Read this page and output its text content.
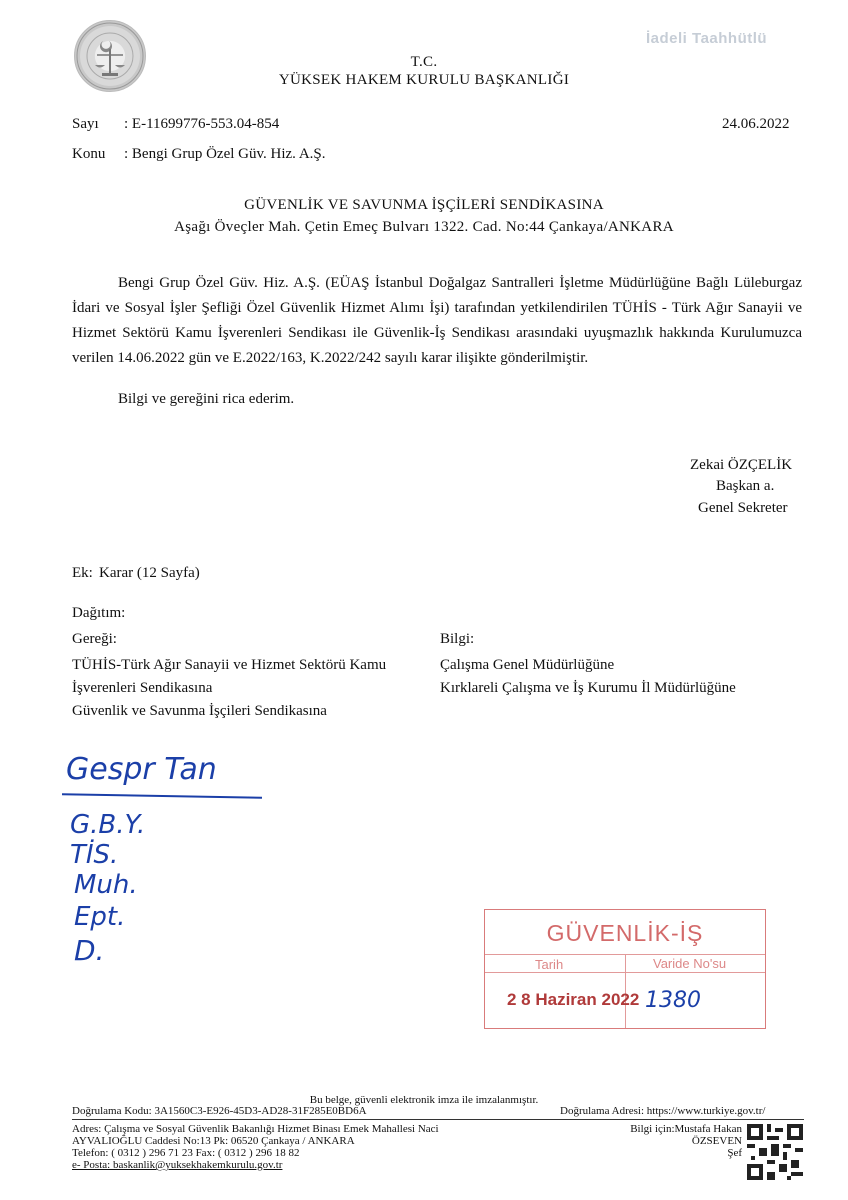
İadeli Taahhütlü
T.C.
YÜKSEK HAKEM KURULU BAŞKANLIĞI
Sayı : E-11699776-553.04-854	24.06.2022
Konu : Bengi Grup Özel Güv. Hiz. A.Ş.
GÜVENLİK VE SAVUNMA İŞÇİLERİ SENDİKASINA
Aşağı Öveçler Mah. Çetin Emeç Bulvarı 1322. Cad. No:44 Çankaya/ANKARA
Bengi Grup Özel Güv. Hiz. A.Ş. (EÜAŞ İstanbul Doğalgaz Santralleri İşletme Müdürlüğüne Bağlı Lüleburgaz İdari ve Sosyal İşler Şefliği Özel Güvenlik Hizmet Alımı İşi) tarafından yetkilendirilen TÜHİS - Türk Ağır Sanayii ve Hizmet Sektörü Kamu İşverenleri Sendikası ile Güvenlik-İş Sendikası arasındaki uyuşmazlık hakkında Kurulumuzca verilen 14.06.2022 gün ve E.2022/163, K.2022/242 sayılı karar ilişikte gönderilmiştir.
Bilgi ve gereğini rica ederim.
Zekai ÖZÇELİK
Başkan a.
Genel Sekreter
Ek: Karar (12 Sayfa)
Dağıtım:
Gereği:	Bilgi:
TÜHİS-Türk Ağır Sanayii ve Hizmet Sektörü Kamu
İşverenleri Sendikasına
Güvenlik ve Savunma İşçileri Sendikasına
Çalışma Genel Müdürlüğüne
Kırklareli Çalışma ve İş Kurumu İl Müdürlüğüne
Gespr Tan
G.B.Y.
TİS.
Muh.
Ept.
D.
GÜVENLİK-İŞ
Tarih	Varide No'su
2 8 Haziran 2022 1380
Bu belge, güvenli elektronik imza ile imzalanmıştır.
Doğrulama Kodu: 3A1560C3-E926-45D3-AD28-31F285E0BD6A	Doğrulama Adresi: https://www.turkiye.gov.tr/
Adres: Çalışma ve Sosyal Güvenlik Bakanlığı Hizmet Binası Emek Mahallesi Naci
AYVALIOĞLU Caddesi No:13 Pk: 06520 Çankaya / ANKARA
Telefon: ( 0312 ) 296 71 23 Fax: ( 0312 ) 296 18 82
e- Posta: baskanlik@yuksekhakemkurulu.gov.tr
Bilgi için:Mustafa Hakan
ÖZSEVEN
Şef
